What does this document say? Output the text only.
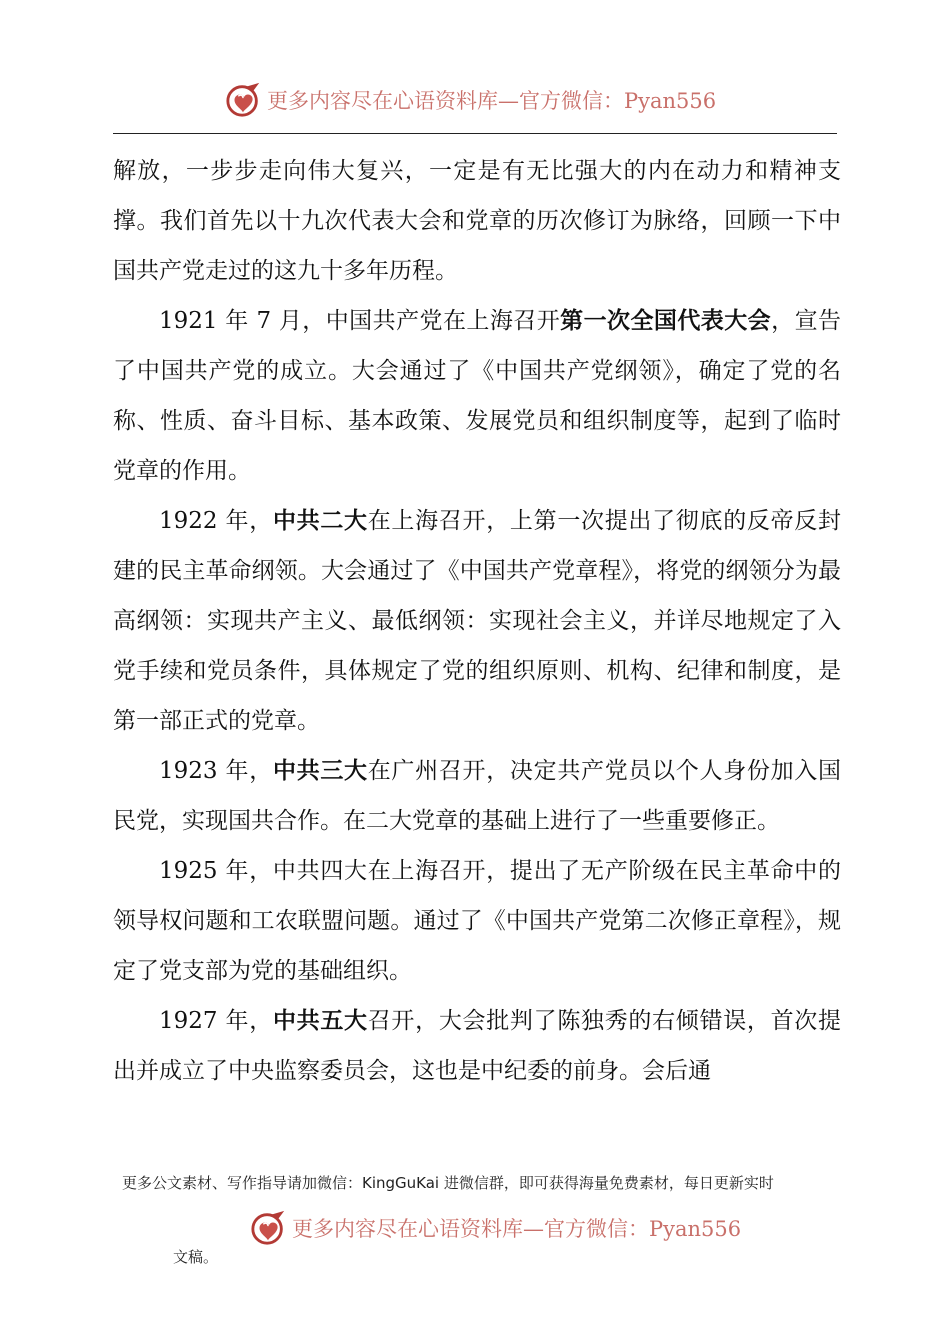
更多内容尽在心语资料库—官方微信：Pyan556

解放，一步步走向伟大复兴，一定是有无比强大的内在动力和精神支撑。我们首先以十九次代表大会和党章的历次修订为脉络，回顾一下中国共产党走过的这九十多年历程。

1921 年 7 月，中国共产党在上海召开第一次全国代表大会，宣告了中国共产党的成立。大会通过了《中国共产党纲领》，确定了党的名称、性质、奋斗目标、基本政策、发展党员和组织制度等，起到了临时党章的作用。

1922 年，中共二大在上海召开，上第一次提出了彻底的反帝反封建的民主革命纲领。大会通过了《中国共产党章程》，将党的纲领分为最高纲领：实现共产主义、最低纲领：实现社会主义，并详尽地规定了入党手续和党员条件，具体规定了党的组织原则、机构、纪律和制度，是第一部正式的党章。

1923 年，中共三大在广州召开，决定共产党员以个人身份加入国民党，实现国共合作。在二大党章的基础上进行了一些重要修正。

1925 年，中共四大在上海召开，提出了无产阶级在民主革命中的领导权问题和工农联盟问题。通过了《中国共产党第二次修正章程》，规定了党支部为党的基础组织。

1927 年，中共五大召开，大会批判了陈独秀的右倾错误，首次提出并成立了中央监察委员会，这也是中纪委的前身。会后通

更多公文素材、写作指导请加微信：KingGuKai 进微信群，即可获得海量免费素材，每日更新实时
更多内容尽在心语资料库—官方微信：Pyan556
文稿。
